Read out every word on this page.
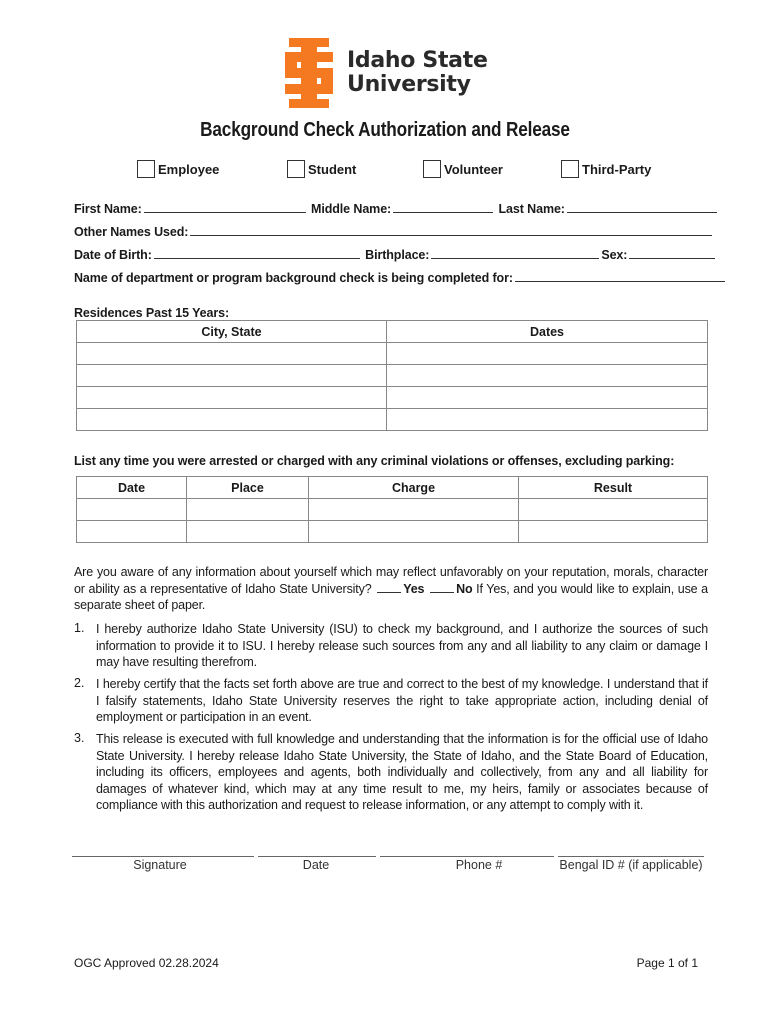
Idaho State
University
Background Check Authorization and Release
Employee	Student	Volunteer	Third-Party
First Name:	Middle Name:	Last Name:
Other Names Used:
Date of Birth:	Birthplace:	Sex:
Name of department or program background check is being completed for:
Residences Past 15 Years:
City, State	Dates

List any time you were arrested or charged with any criminal violations or offenses, excluding parking:
Date	Place	Charge	Result

Are you aware of any information about yourself which may reflect unfavorably on your reputation, morals, character or ability as a representative of Idaho State University?	Yes	No If Yes, and you would like to explain, use a separate sheet of paper.
1. I hereby authorize Idaho State University (ISU) to check my background, and I authorize the sources of such information to provide it to ISU. I hereby release such sources from any and all liability to any claim or damage I may have resulting therefrom.
2. I hereby certify that the facts set forth above are true and correct to the best of my knowledge. I understand that if I falsify statements, Idaho State University reserves the right to take appropriate action, including denial of employment or participation in an event.
3. This release is executed with full knowledge and understanding that the information is for the official use of Idaho State University. I hereby release Idaho State University, the State of Idaho, and the State Board of Education, including its officers, employees and agents, both individually and collectively, from any and all liability for damages of whatever kind, which may at any time result to me, my heirs, family or associates because of compliance with this authorization and request to release information, or any attempt to comply with it.
Signature	Date	Phone #	Bengal ID # (if applicable)
OGC Approved 02.28.2024	Page 1 of 1
